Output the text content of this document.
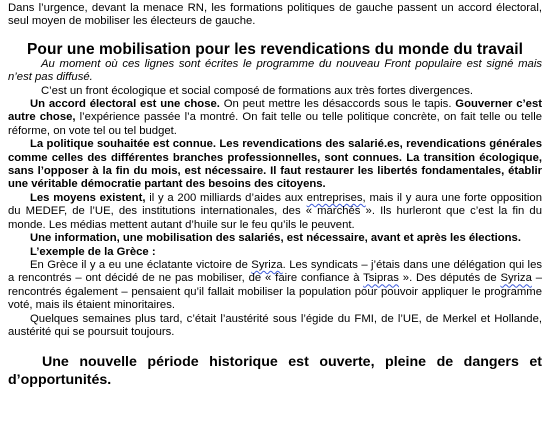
Dans l’urgence, devant la menace RN, les formations politiques de gauche passent un accord électoral, seul moyen de mobiliser les électeurs de gauche.

Pour une mobilisation pour les revendications du monde du travail

Au moment où ces lignes sont écrites le programme du nouveau Front populaire est signé mais n’est pas diffusé.

C’est un front écologique et social composé de formations aux très fortes divergences.

Un accord électoral est une chose. On peut mettre les désaccords sous le tapis. Gouverner c’est autre chose, l’expérience passée l’a montré. On fait telle ou telle politique concrète, on fait telle ou telle réforme, on vote tel ou tel budget.

La politique souhaitée est connue. Les revendications des salarié.es, revendications générales comme celles des différentes branches professionnelles, sont connues. La transition écologique, sans l’opposer à la fin du mois, est nécessaire. Il faut restaurer les libertés fondamentales, établir une véritable démocratie partant des besoins des citoyens.

Les moyens existent, il y a 200 milliards d’aides aux entreprises, mais il y aura une forte opposition du MEDEF, de l’UE, des institutions internationales, des « marchés ». Ils hurleront que c’est la fin du monde. Les médias mettent autant d’huile sur le feu qu’ils le peuvent.

Une information, une mobilisation des salariés, est nécessaire, avant et après les élections.

L’exemple de la Grèce :

En Grèce il y a eu une éclatante victoire de Syriza. Les syndicats – j’étais dans une délégation qui les a rencontrés – ont décidé de ne pas mobiliser, de « faire confiance à Tsipras ». Des députés de Syriza – rencontrés également – pensaient qu’il fallait mobiliser la population pour pouvoir appliquer le programme voté, mais ils étaient minoritaires.

Quelques semaines plus tard, c’était l’austérité sous l’égide du FMI, de l’UE, de Merkel et Hollande, austérité qui se poursuit toujours.

Une nouvelle période historique est ouverte, pleine de dangers et d’opportunités.
